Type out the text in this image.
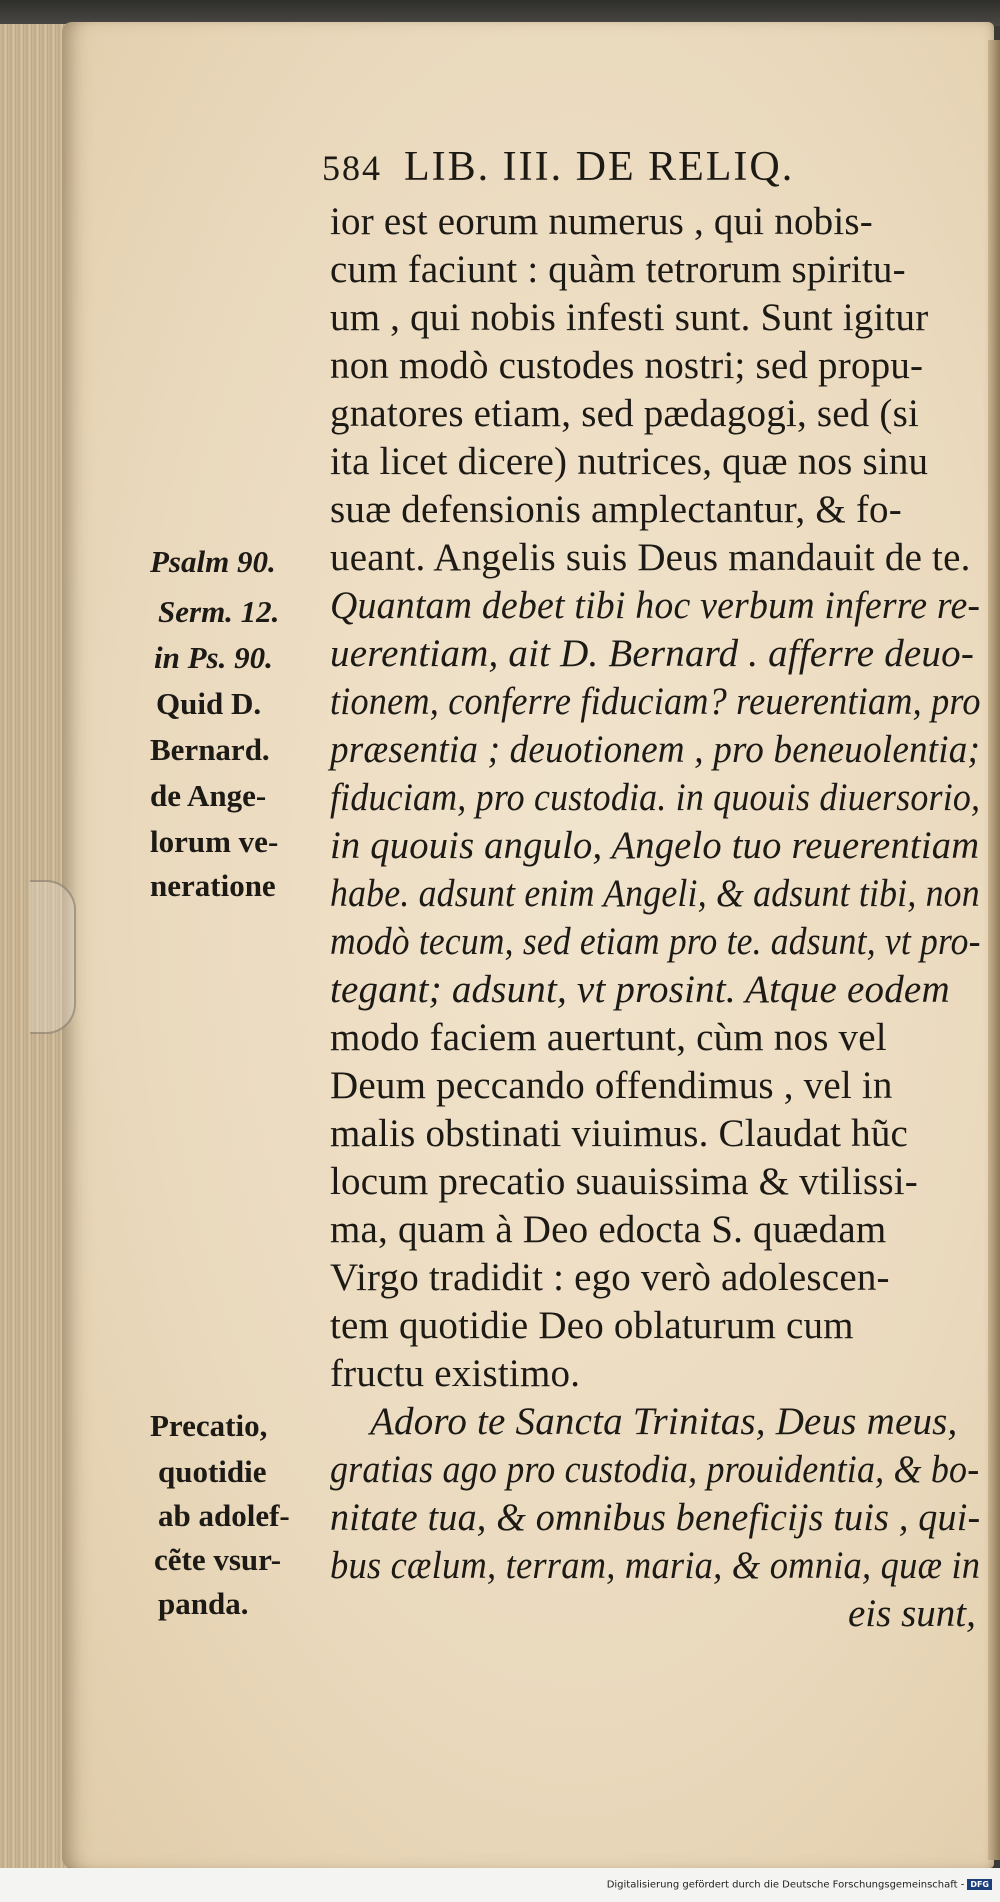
584 LIB. III. DE RELIQ.
ior est eorum numerus , qui nobis-
cum faciunt : quàm tetrorum spiritu-
um , qui nobis infesti sunt. Sunt igitur
non modò custodes nostri; sed propu-
gnatores etiam, sed pædagogi, sed (si
ita licet dicere) nutrices, quæ nos sinu
suæ defensionis amplectantur, & fo-
ueant. Angelis suis Deus mandauit de te.
Quantam debet tibi hoc verbum inferre re-
uerentiam, ait D. Bernard . afferre deuo-
tionem, conferre fiduciam? reuerentiam, pro
præsentia ; deuotionem , pro beneuolentia;
fiduciam, pro custodia. in quouis diuersorio,
in quouis angulo, Angelo tuo reuerentiam
habe. adsunt enim Angeli, & adsunt tibi, non
modò tecum, sed etiam pro te. adsunt, vt pro-
tegant; adsunt, vt prosint. Atque eodem
modo faciem auertunt, cùm nos vel
Deum peccando offendimus , vel in
malis obstinati viuimus. Claudat hũc
locum precatio suauissima & vtilissi-
ma, quam à Deo edocta S. quædam
Virgo tradidit : ego verò adolescen-
tem quotidie Deo oblaturum cum
fructu existimo.
Adoro te Sancta Trinitas, Deus meus,
gratias ago pro custodia, prouidentia, & bo-
nitate tua, & omnibus beneficijs tuis , qui-
bus cælum, terram, maria, & omnia, quæ in
eis sunt,
Psalm 90.
Serm. 12.
in Ps. 90.
Quid D.
Bernard.
de Ange-
lorum ve-
neratione
Precatio,
quotidie
ab adolef-
cẽte vsur-
panda.
Digitalisierung gefördert durch die Deutsche Forschungsgemeinschaft - DFG
